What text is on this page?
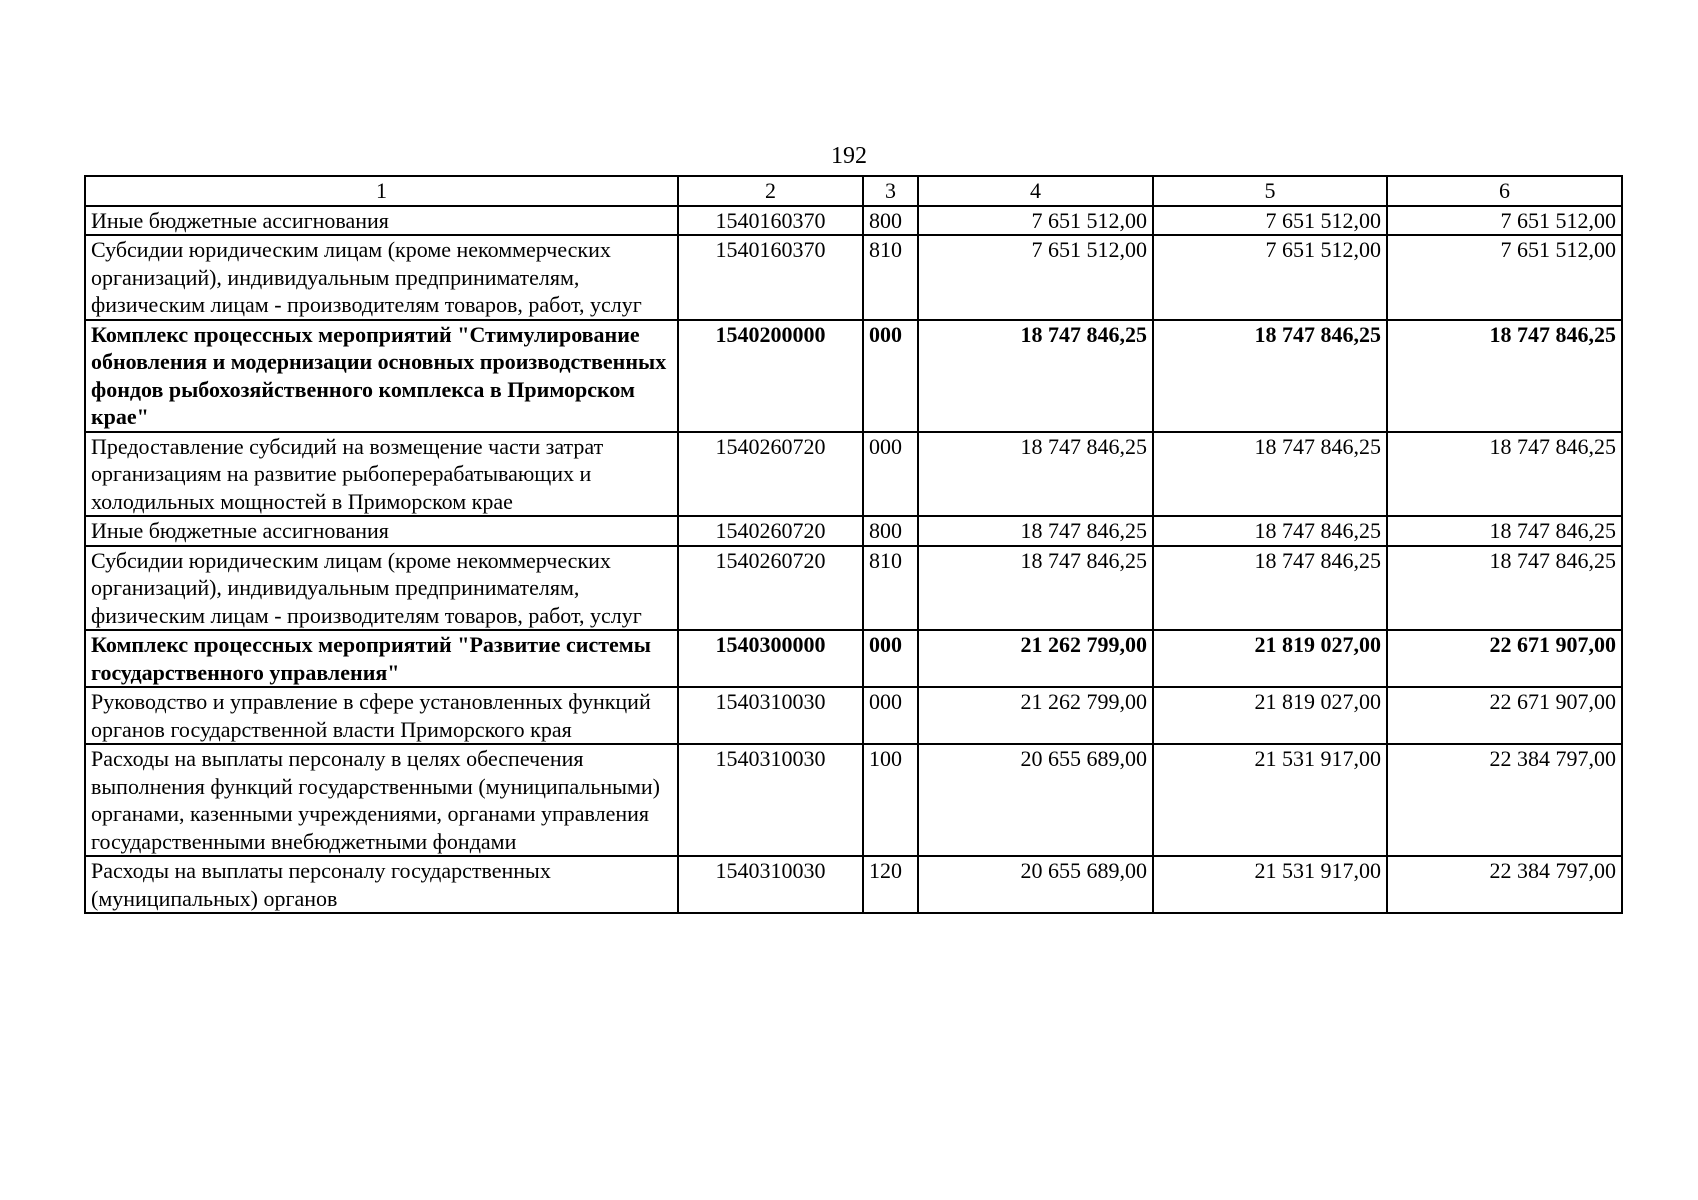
192
1	2	3	4	5	6
Иные бюджетные ассигнования	1540160370	800	7 651 512,00	7 651 512,00	7 651 512,00
Субсидии юридическим лицам (кроме некоммерческих организаций), индивидуальным предпринимателям, физическим лицам - производителям товаров, работ, услуг	1540160370	810	7 651 512,00	7 651 512,00	7 651 512,00
Комплекс процессных мероприятий "Стимулирование обновления и модернизации основных производственных фондов рыбохозяйственного комплекса в Приморском крае"	1540200000	000	18 747 846,25	18 747 846,25	18 747 846,25
Предоставление субсидий на возмещение части затрат организациям на развитие рыбоперерабатывающих и холодильных мощностей в Приморском крае	1540260720	000	18 747 846,25	18 747 846,25	18 747 846,25
Иные бюджетные ассигнования	1540260720	800	18 747 846,25	18 747 846,25	18 747 846,25
Субсидии юридическим лицам (кроме некоммерческих организаций), индивидуальным предпринимателям, физическим лицам - производителям товаров, работ, услуг	1540260720	810	18 747 846,25	18 747 846,25	18 747 846,25
Комплекс процессных мероприятий "Развитие системы государственного управления"	1540300000	000	21 262 799,00	21 819 027,00	22 671 907,00
Руководство и управление в сфере установленных функций органов государственной власти Приморского края	1540310030	000	21 262 799,00	21 819 027,00	22 671 907,00
Расходы на выплаты персоналу в целях обеспечения выполнения функций государственными (муниципальными) органами, казенными учреждениями, органами управления государственными внебюджетными фондами	1540310030	100	20 655 689,00	21 531 917,00	22 384 797,00
Расходы на выплаты персоналу государственных (муниципальных) органов	1540310030	120	20 655 689,00	21 531 917,00	22 384 797,00
